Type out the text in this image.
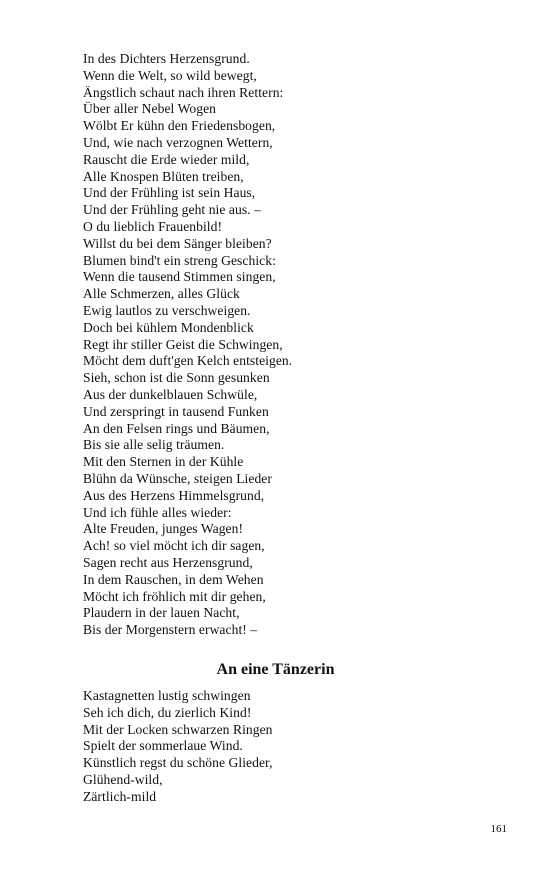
In des Dichters Herzensgrund.
Wenn die Welt, so wild bewegt,
Ängstlich schaut nach ihren Rettern:
Über aller Nebel Wogen
Wölbt Er kühn den Friedensbogen,
Und, wie nach verzognen Wettern,
Rauscht die Erde wieder mild,
Alle Knospen Blüten treiben,
Und der Frühling ist sein Haus,
Und der Frühling geht nie aus. –
O du lieblich Frauenbild!
Willst du bei dem Sänger bleiben?
Blumen bind't ein streng Geschick:
Wenn die tausend Stimmen singen,
Alle Schmerzen, alles Glück
Ewig lautlos zu verschweigen.
Doch bei kühlem Mondenblick
Regt ihr stiller Geist die Schwingen,
Möcht dem duft'gen Kelch entsteigen.
Sieh, schon ist die Sonn gesunken
Aus der dunkelblauen Schwüle,
Und zerspringt in tausend Funken
An den Felsen rings und Bäumen,
Bis sie alle selig träumen.
Mit den Sternen in der Kühle
Blühn da Wünsche, steigen Lieder
Aus des Herzens Himmelsgrund,
Und ich fühle alles wieder:
Alte Freuden, junges Wagen!
Ach! so viel möcht ich dir sagen,
Sagen recht aus Herzensgrund,
In dem Rauschen, in dem Wehen
Möcht ich fröhlich mit dir gehen,
Plaudern in der lauen Nacht,
Bis der Morgenstern erwacht! –
An eine Tänzerin
Kastagnetten lustig schwingen
Seh ich dich, du zierlich Kind!
Mit der Locken schwarzen Ringen
Spielt der sommerlaue Wind.
Künstlich regst du schöne Glieder,
Glühend-wild,
Zärtlich-mild
161
